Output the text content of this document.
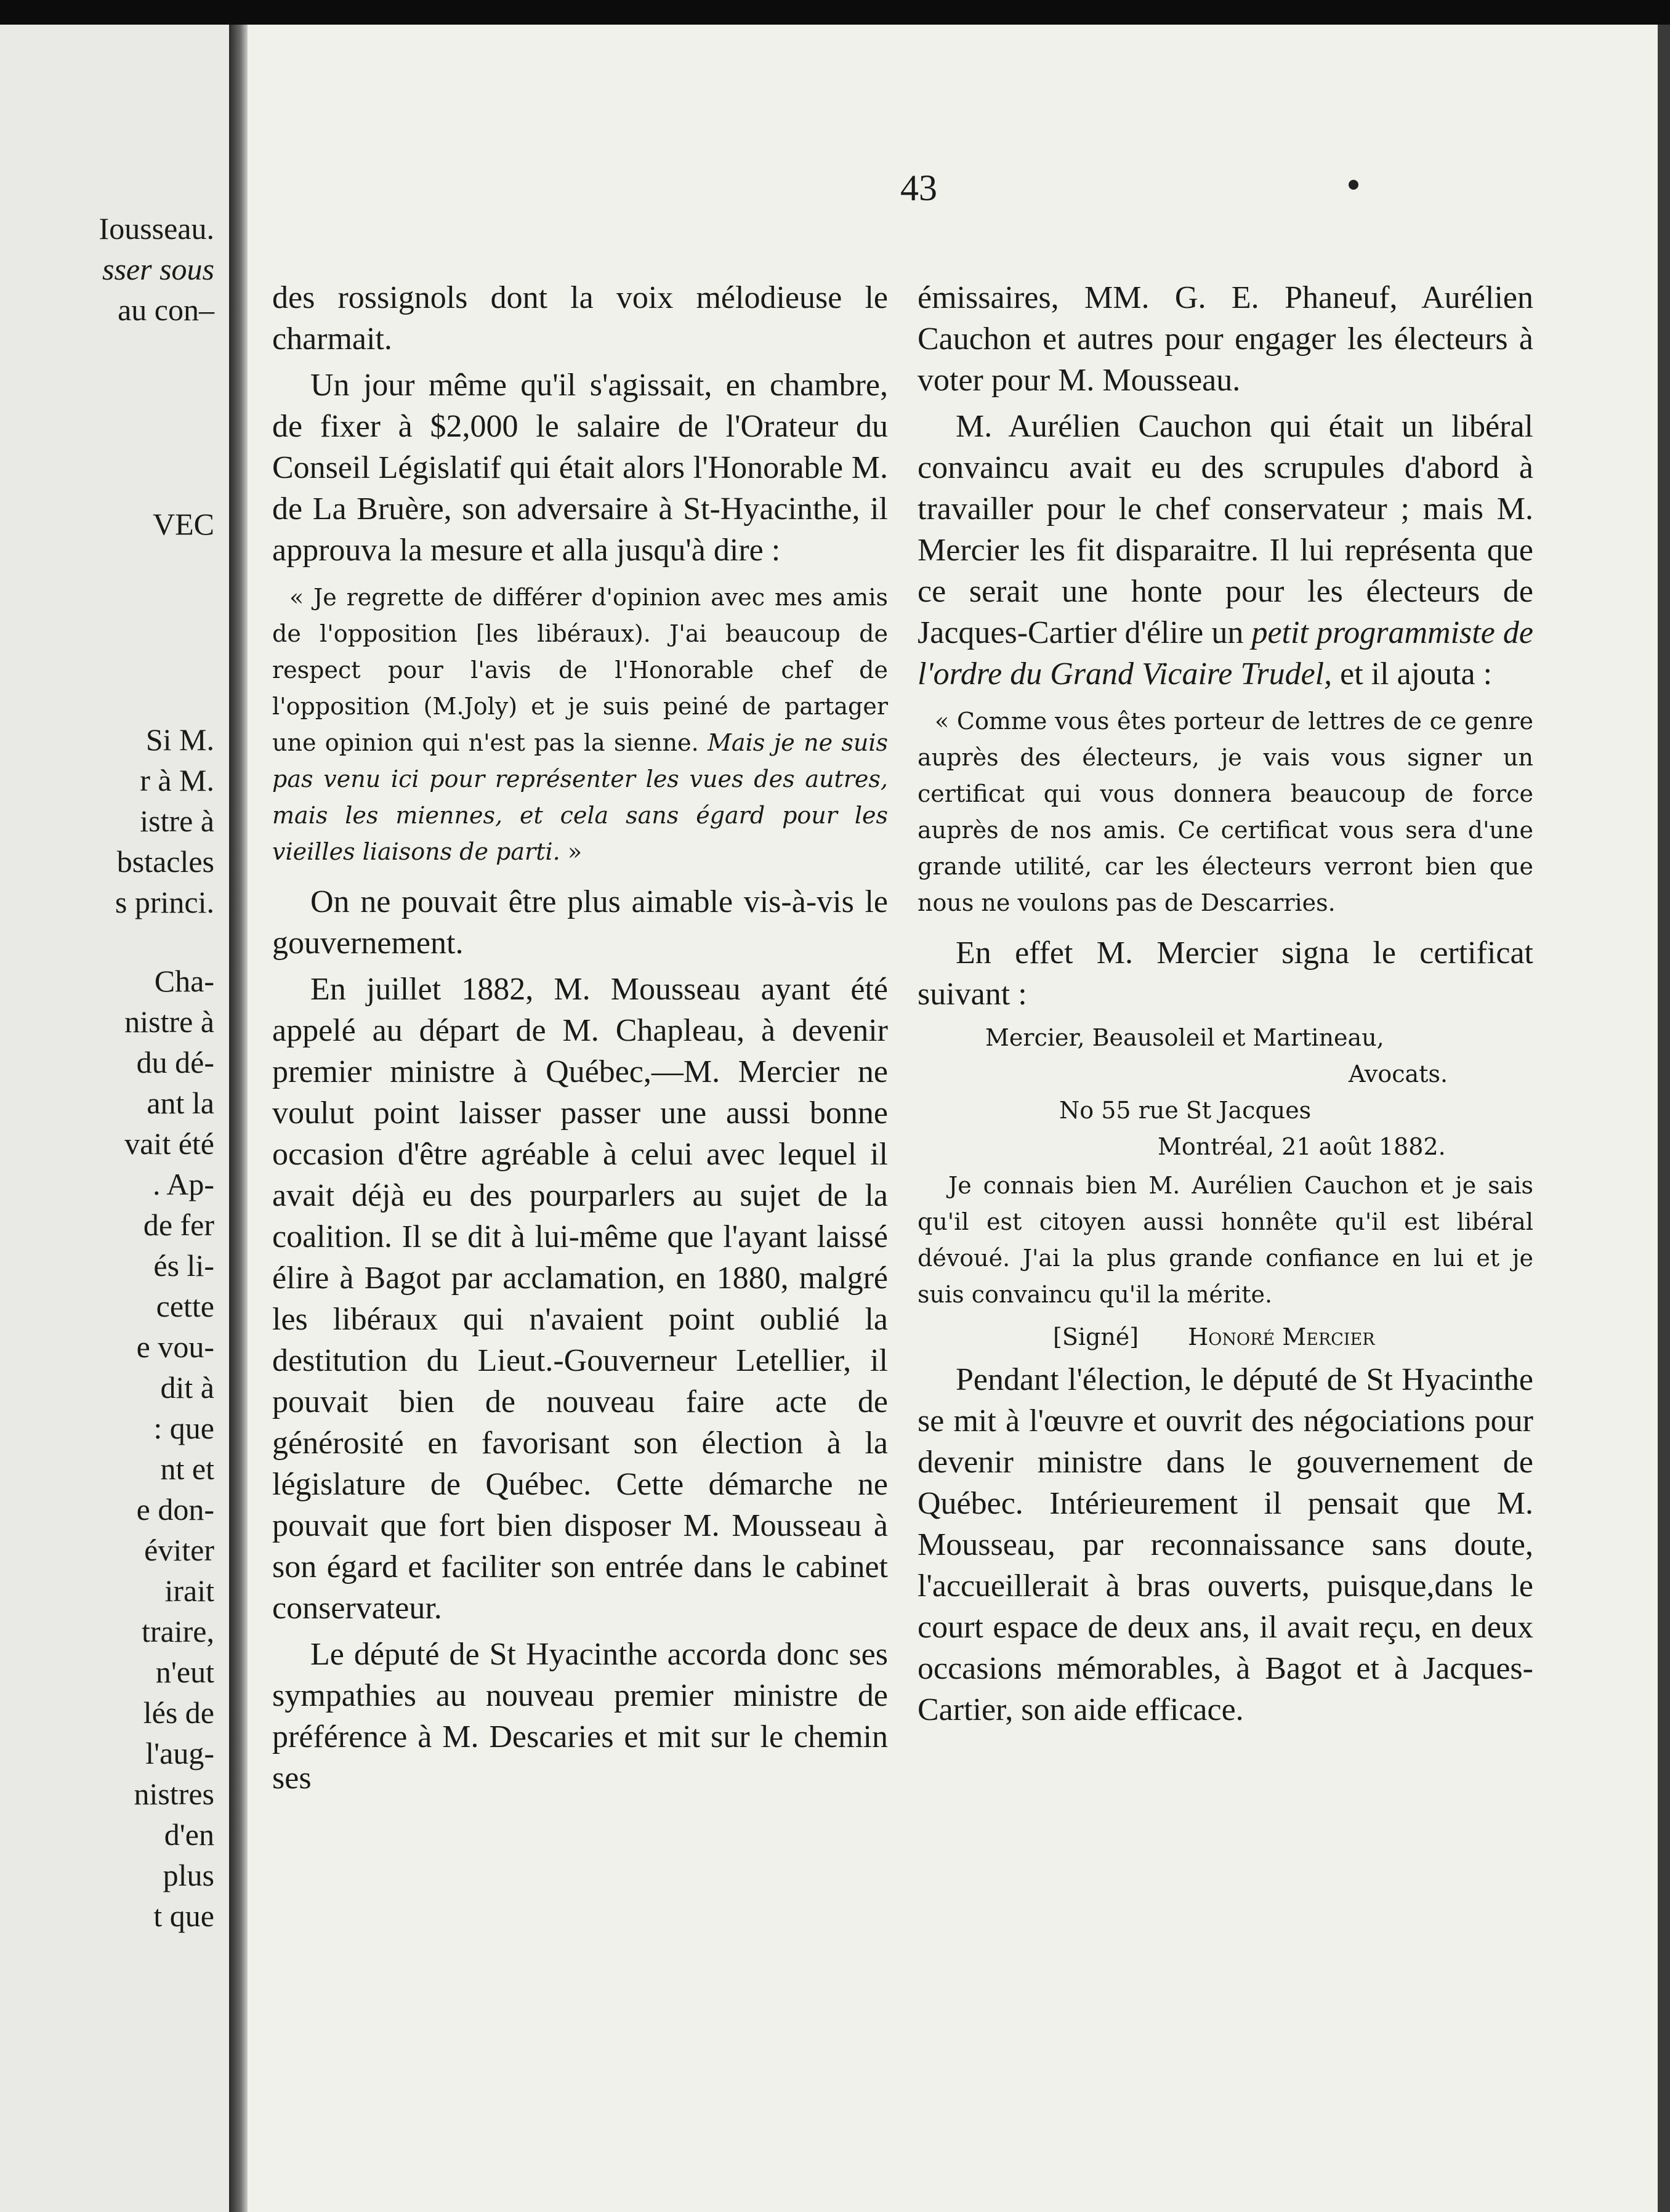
Iousseau.

sser sous

au con–

VEC

Si M.

r à M.

istre à

bstacles

s princi.

Cha-

nistre à

du dé-

ant la

vait été

. Ap-

de fer

és li-

cette

e vou-

dit à

: que

nt et

e don-

éviter

irait

traire,

n'eut

lés de

l'aug-

nistres

d'en

plus

t que

43

des rossignols dont la voix mélodieuse le charmait.

Un jour même qu'il s'agissait, en chambre, de fixer à $2,000 le salaire de l'Orateur du Conseil Législatif qui était alors l'Honorable M. de La Bruère, son adversaire à St-Hyacinthe, il approuva la mesure et alla jusqu'à dire :

« Je regrette de différer d'opinion avec mes amis de l'opposition [les libéraux). J'ai beaucoup de respect pour l'avis de l'Honorable chef de l'opposition (M.Joly) et je suis peiné de partager une opinion qui n'est pas la sienne. Mais je ne suis pas venu ici pour représenter les vues des autres, mais les miennes, et cela sans égard pour les vieilles liaisons de parti. »

On ne pouvait être plus aimable vis-à-vis le gouvernement.

En juillet 1882, M. Mousseau ayant été appelé au départ de M. Chapleau, à devenir premier ministre à Québec,—M. Mercier ne voulut point laisser passer une aussi bonne occasion d'être agréable à celui avec lequel il avait déjà eu des pourparlers au sujet de la coalition. Il se dit à lui-même que l'ayant laissé élire à Bagot par acclamation, en 1880, malgré les libéraux qui n'avaient point oublié la destitution du Lieut.-Gouverneur Letellier, il pouvait bien de nouveau faire acte de générosité en favorisant son élection à la législature de Québec. Cette démarche ne pouvait que fort bien disposer M. Mousseau à son égard et faciliter son entrée dans le cabinet conservateur.

Le député de St Hyacinthe accorda donc ses sympathies au nouveau premier ministre de préférence à M. Descaries et mit sur le chemin ses

émissaires, MM. G. E. Phaneuf, Aurélien Cauchon et autres pour engager les électeurs à voter pour M. Mousseau.

M. Aurélien Cauchon qui était un libéral convaincu avait eu des scrupules d'abord à travailler pour le chef conservateur ; mais M. Mercier les fit disparaitre. Il lui représenta que ce serait une honte pour les électeurs de Jacques-Cartier d'élire un petit programmiste de l'ordre du Grand Vicaire Trudel, et il ajouta :

« Comme vous êtes porteur de lettres de ce genre auprès des électeurs, je vais vous signer un certificat qui vous donnera beaucoup de force auprès de nos amis. Ce certificat vous sera d'une grande utilité, car les électeurs verront bien que nous ne voulons pas de Descarries.

En effet M. Mercier signa le certificat suivant :

Mercier, Beausoleil et Martineau,
Avocats.
No 55 rue St Jacques
Montréal, 21 août 1882.

Je connais bien M. Aurélien Cauchon et je sais qu'il est citoyen aussi honnête qu'il est libéral dévoué. J'ai la plus grande confiance en lui et je suis convaincu qu'il la mérite.

[Signé] Honoré Mercier

Pendant l'élection, le député de St Hyacinthe se mit à l'œuvre et ouvrit des négociations pour devenir ministre dans le gouvernement de Québec. Intérieurement il pensait que M. Mousseau, par reconnaissance sans doute, l'accueillerait à bras ouverts, puisque,dans le court espace de deux ans, il avait reçu, en deux occasions mémorables, à Bagot et à Jacques-Cartier, son aide efficace.
